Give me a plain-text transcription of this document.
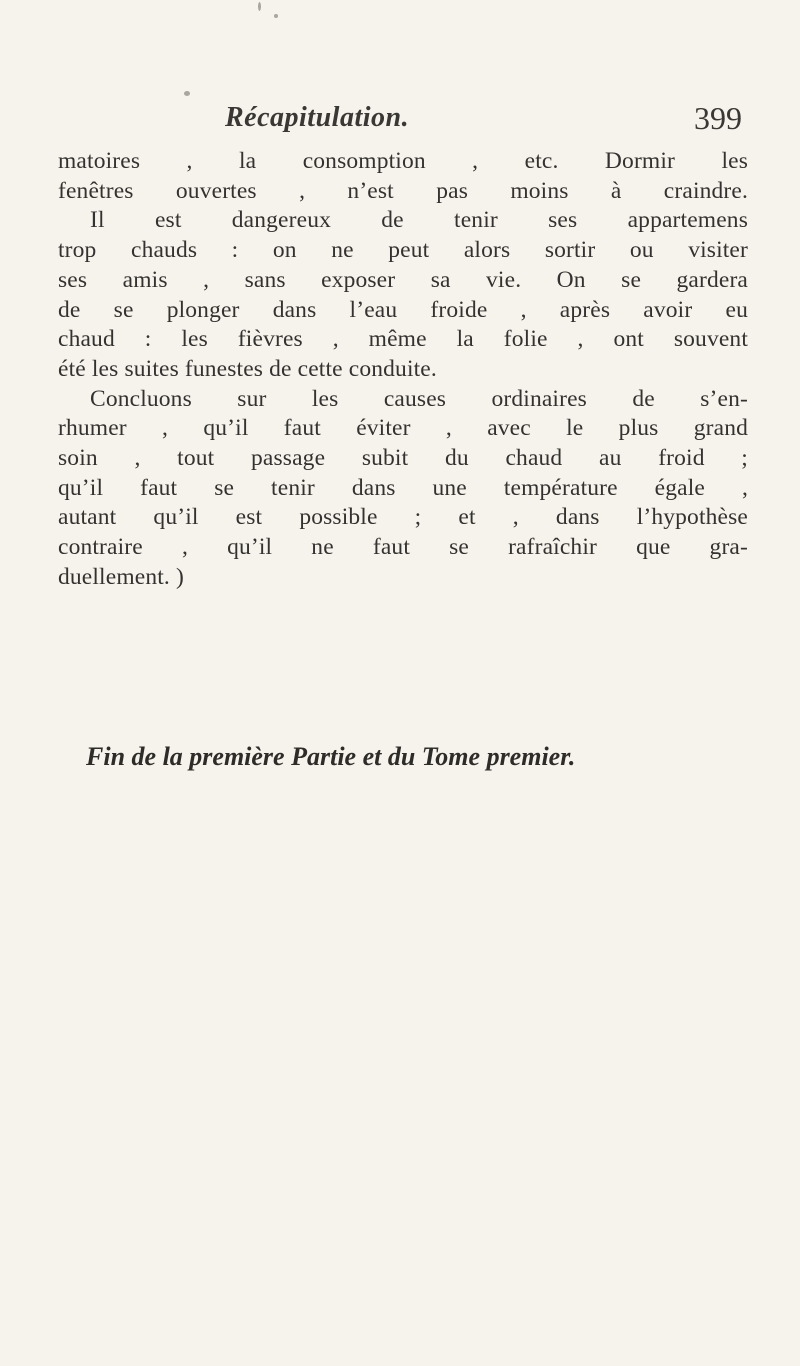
Récapitulation.	399
matoires , la consomption , etc. Dormir les
fenêtres ouvertes , n’est pas moins à craindre.
Il est dangereux de tenir ses appartemens
trop chauds : on ne peut alors sortir ou visiter
ses amis , sans exposer sa vie. On se gardera
de se plonger dans l’eau froide , après avoir eu
chaud : les fièvres , même la folie , ont souvent
été les suites funestes de cette conduite.
Concluons sur les causes ordinaires de s’en-
rhumer , qu’il faut éviter , avec le plus grand
soin , tout passage subit du chaud au froid ;
qu’il faut se tenir dans une température égale ,
autant qu’il est possible ; et , dans l’hypothèse
contraire , qu’il ne faut se rafraîchir que gra-
duellement. )
Fin de la première Partie et du Tome premier.
